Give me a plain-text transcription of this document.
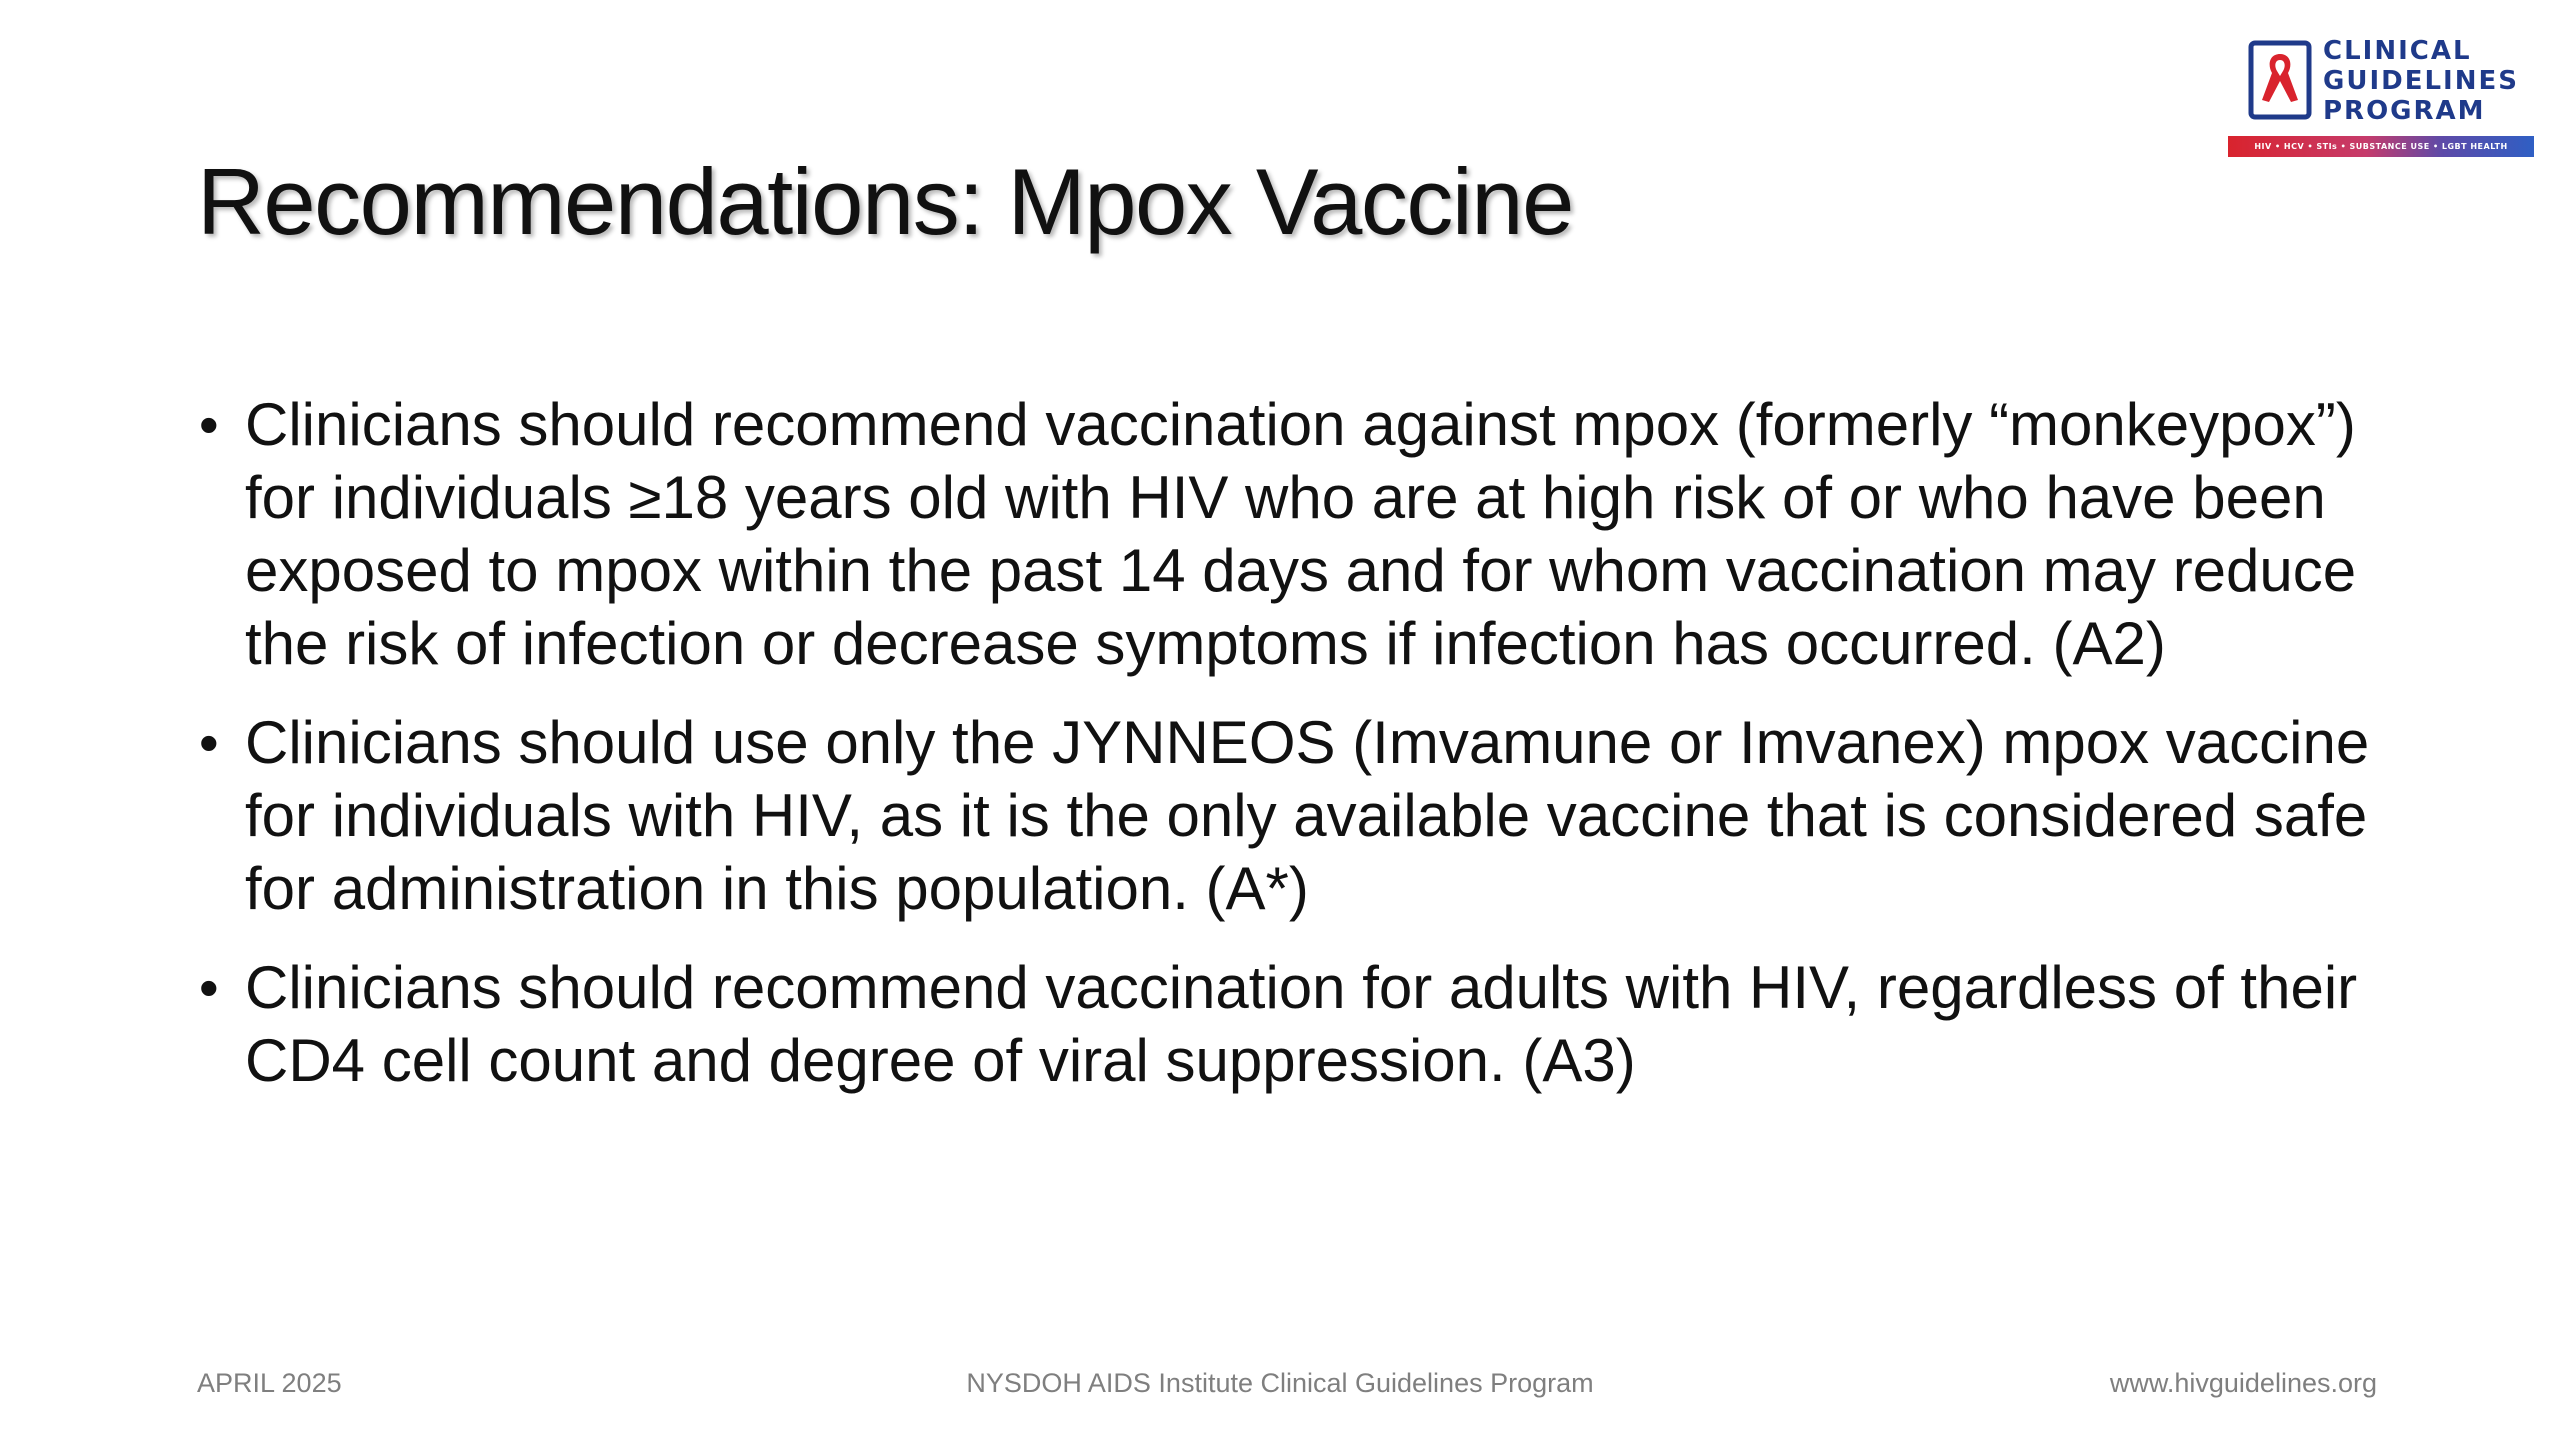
CLINICAL
GUIDELINES
PROGRAM
HIV • HCV • STIs • SUBSTANCE USE • LGBT HEALTH
Recommendations: Mpox Vaccine
• Clinicians should recommend vaccination against mpox (formerly “monkeypox”) for individuals ≥18 years old with HIV who are at high risk of or who have been exposed to mpox within the past 14 days and for whom vaccination may reduce the risk of infection or decrease symptoms if infection has occurred. (A2)
• Clinicians should use only the JYNNEOS (Imvamune or Imvanex) mpox vaccine for individuals with HIV, as it is the only available vaccine that is considered safe for administration in this population. (A*)
• Clinicians should recommend vaccination for adults with HIV, regardless of their CD4 cell count and degree of viral suppression. (A3)
APRIL 2025	NYSDOH AIDS Institute Clinical Guidelines Program	www.hivguidelines.org
